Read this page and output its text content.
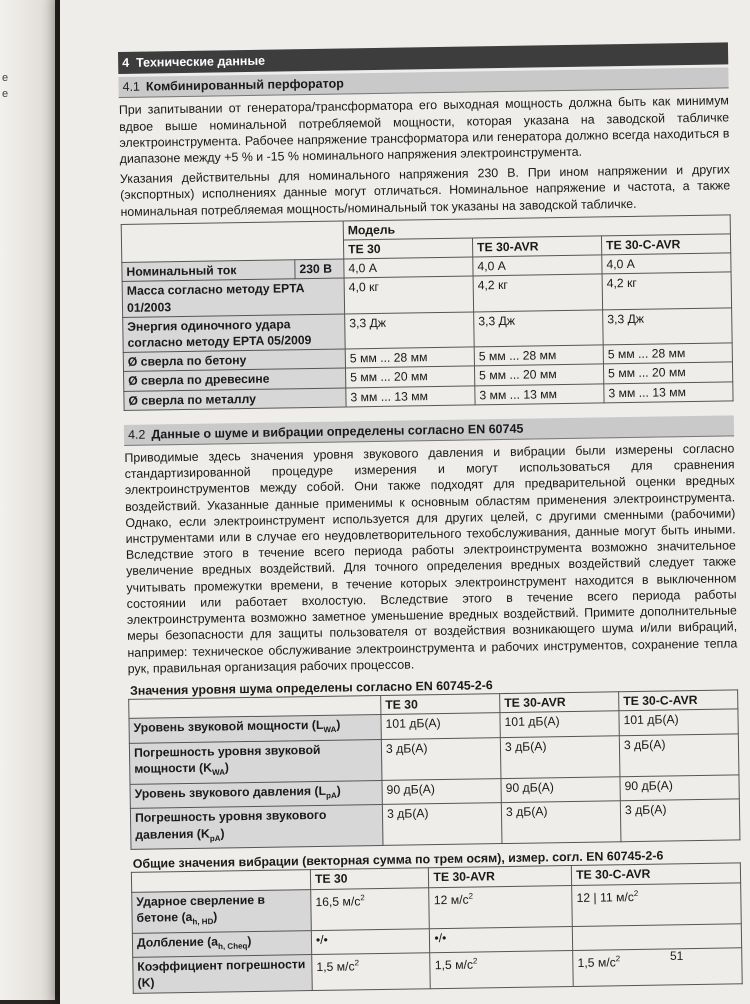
е
е
4 Технические данные
4.1 Комбинированный перфоратор

При запитывании от генератора/трансформатора его выходная мощность должна быть как минимум вдвое выше номинальной потребляемой мощности, которая указана на заводской табличке электроинструмента. Рабочее напряжение трансформатора или генератора должно всегда находиться в диапазоне между +5 % и -15 % номинального напряжения электроинструмента.

Указания действительны для номинального напряжения 230 В. При ином напряжении и других (экспортных) исполнениях данные могут отличаться. Номинальное напряжение и частота, а также номинальная потребляемая мощность/номинальный ток указаны на заводской табличке.

		Модель		
		TE 30	TE 30-AVR	TE 30-C-AVR
Номинальный ток	230 В	4,0 А	4,0 А	4,0 А
Масса согласно методу EPTA 01/2003		4,0 кг	4,2 кг	4,2 кг
Энергия одиночного удара согласно методу EPTA 05/2009		3,3 Дж	3,3 Дж	3,3 Дж
Ø сверла по бетону		5 мм ... 28 мм	5 мм ... 28 мм	5 мм ... 28 мм
Ø сверла по древесине		5 мм ... 20 мм	5 мм ... 20 мм	5 мм ... 20 мм
Ø сверла по металлу		3 мм ... 13 мм	3 мм ... 13 мм	3 мм ... 13 мм
4.2 Данные о шуме и вибрации определены согласно EN 60745

Приводимые здесь значения уровня звукового давления и вибрации были измерены согласно стандартизированной процедуре измерения и могут использоваться для сравнения электроинструментов между собой. Они также подходят для предварительной оценки вредных воздействий. Указанные данные применимы к основным областям применения электроинструмента. Однако, если электроинструмент используется для других целей, с другими сменными (рабочими) инструментами или в случае его неудовлетворительного техобслуживания, данные могут быть иными. Вследствие этого в течение всего периода работы электроинструмента возможно значительное увеличение вредных воздействий. Для точного определения вредных воздействий следует также учитывать промежутки времени, в течение которых электроинструмент находится в выключенном состоянии или работает вхолостую. Вследствие этого в течение всего периода работы электроинструмента возможно заметное уменьшение вредных воздействий. Примите дополнительные меры безопасности для защиты пользователя от воздействия возникающего шума и/или вибраций, например: техническое обслуживание электроинструмента и рабочих инструментов, сохранение тепла рук, правильная организация рабочих процессов.

Значения уровня шума определены согласно EN 60745-2-6
	TE 30	TE 30-AVR	TE 30-C-AVR
Уровень звуковой мощности $(L_{WA})$	101 дБ(А)	101 дБ(А)	101 дБ(А)
Погрешность уровня звуковой мощности $(K_{WA})$	3 дБ(А)	3 дБ(А)	3 дБ(А)
Уровень звукового давления $(L_{pA})$	90 дБ(А)	90 дБ(А)	90 дБ(А)
Погрешность уровня звукового давления $(K_{pA})$	3 дБ(А)	3 дБ(А)	3 дБ(А)
Общие значения вибрации (векторная сумма по трем осям), измер. согл. EN 60745-2-6
	TE 30	TE 30-AVR	TE 30-C-AVR
Ударное сверление в бетоне $(a_{h, HD})$	16,5 $м/с^2$	12 $м/с^2$	12 | 11 $м/с^2$
Долбление $(a_{h, Cheq})$	•/•	•/•	
Коэффициент погрешности (K)	1,5 $м/с^2$	1,5 $м/с^2$	1,5 $м/с^2$	51
